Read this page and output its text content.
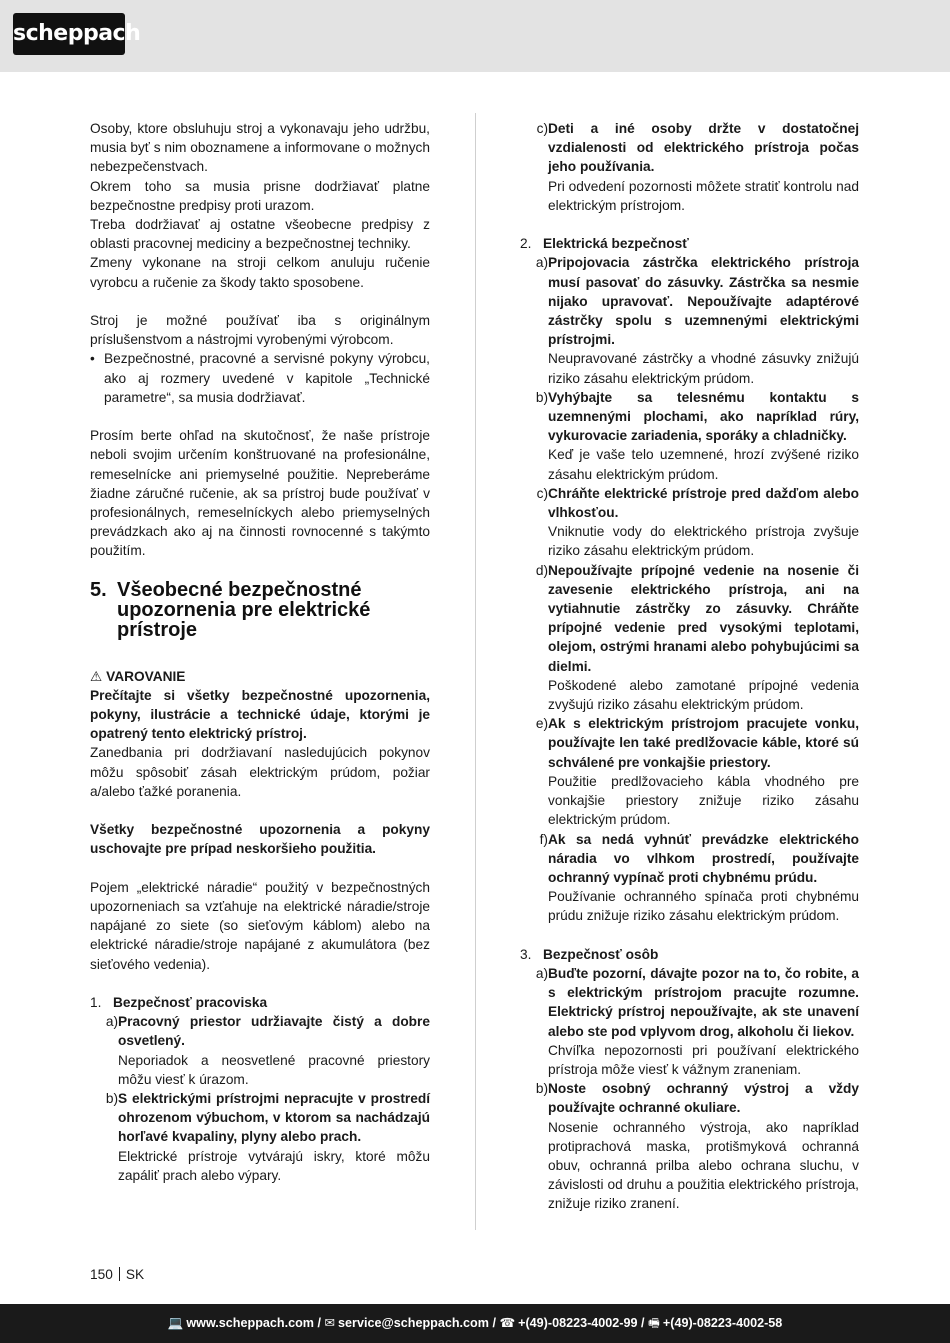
scheppach

Osoby, ktore obsluhuju stroj a vykonavaju jeho udržbu, musia byť s nim oboznamene a informovane o možnych nebezpečenstvach.

Okrem toho sa musia prisne dodržiavať platne bezpečnostne predpisy proti urazom.

Treba dodržiavať aj ostatne všeobecne predpisy z oblasti pracovnej mediciny a bezpečnostnej techniky.

Zmeny vykonane na stroji celkom anuluju ručenie vyrobcu a ručenie za škody takto sposobene.

Stroj je možné používať iba s originálnym príslušenstvom a nástrojmi vyrobenými výrobcom.

• Bezpečnostné, pracovné a servisné pokyny výrobcu, ako aj rozmery uvedené v kapitole „Technické parametre“, sa musia dodržiavať.

Prosím berte ohľad na skutočnosť, že naše prístroje neboli svojim určením konštruované na profesionálne, remeselnícke ani priemyselné použitie. Nepreberáme žiadne záručné ručenie, ak sa prístroj bude používať v profesionálnych, remeselníckych alebo priemyselných prevádzkach ako aj na činnosti rovnocenné s takýmto použitím.

5. Všeobecné bezpečnostné upozornenia pre elektrické prístroje
⚠ VAROVANIE

Prečítajte si všetky bezpečnostné upozornenia, pokyny, ilustrácie a technické údaje, ktorými je opatrený tento elektrický prístroj.

Zanedbania pri dodržiavaní nasledujúcich pokynov môžu spôsobiť zásah elektrickým prúdom, požiar a/alebo ťažké poranenia.

Všetky bezpečnostné upozornenia a pokyny uschovajte pre prípad neskoršieho použitia.

Pojem „elektrické náradie“ použitý v bezpečnostných upozorneniach sa vzťahuje na elektrické náradie/stroje napájané zo siete (so sieťovým káblom) alebo na elektrické náradie/stroje napájané z akumulátora (bez sieťového vedenia).

1. Bezpečnosť pracoviska
a) Pracovný priestor udržiavajte čistý a dobre osvetlený.
Neporiadok a neosvetlené pracovné priestory môžu viesť k úrazom.
b) S elektrickými prístrojmi nepracujte v prostredí ohrozenom výbuchom, v ktorom sa nachádzajú horľavé kvapaliny, plyny alebo prach.
Elektrické prístroje vytvárajú iskry, ktoré môžu zapáliť prach alebo výpary.
c) Deti a iné osoby držte v dostatočnej vzdialenosti od elektrického prístroja počas jeho používania.
Pri odvedení pozornosti môžete stratiť kontrolu nad elektrickým prístrojom.
2. Elektrická bezpečnosť
a) Pripojovacia zástrčka elektrického prístroja musí pasovať do zásuvky. Zástrčka sa nesmie nijako upravovať. Nepoužívajte adaptérové zástrčky spolu s uzemnenými elektrickými prístrojmi.
Neupravované zástrčky a vhodné zásuvky znižujú riziko zásahu elektrickým prúdom.
b) Vyhýbajte sa telesnému kontaktu s uzemnenými plochami, ako napríklad rúry, vykurovacie zariadenia, sporáky a chladničky.
Keď je vaše telo uzemnené, hrozí zvýšené riziko zásahu elektrickým prúdom.
c) Chráňte elektrické prístroje pred dažďom alebo vlhkosťou.
Vniknutie vody do elektrického prístroja zvyšuje riziko zásahu elektrickým prúdom.
d) Nepoužívajte prípojné vedenie na nosenie či zavesenie elektrického prístroja, ani na vytiahnutie zástrčky zo zásuvky. Chráňte prípojné vedenie pred vysokými teplotami, olejom, ostrými hranami alebo pohybujúcimi sa dielmi.
Poškodené alebo zamotané prípojné vedenia zvyšujú riziko zásahu elektrickým prúdom.
e) Ak s elektrickým prístrojom pracujete vonku, používajte len také predlžovacie káble, ktoré sú schválené pre vonkajšie priestory.
Použitie predlžovacieho kábla vhodného pre vonkajšie priestory znižuje riziko zásahu elektrickým prúdom.
f) Ak sa nedá vyhnúť prevádzke elektrického náradia vo vlhkom prostredí, používajte ochranný vypínač proti chybnému prúdu.
Používanie ochranného spínača proti chybnému prúdu znižuje riziko zásahu elektrickým prúdom.
3. Bezpečnosť osôb
a) Buďte pozorní, dávajte pozor na to, čo robite, a s elektrickým prístrojom pracujte rozumne. Elektrický prístroj nepoužívajte, ak ste unavení alebo ste pod vplyvom drog, alkoholu či liekov.
Chvíľka nepozornosti pri používaní elektrického prístroja môže viesť k vážnym zraneniam.
b) Noste osobný ochranný výstroj a vždy používajte ochranné okuliare.
Nosenie ochranného výstroja, ako napríklad protiprachová maska, protišmyková ochranná obuv, ochranná prilba alebo ochrana sluchu, v závislosti od druhu a použitia elektrického prístroja, znižuje riziko zranení.
150 SK
💻 www.scheppach.com / ✉ service@scheppach.com / ☎ +(49)-08223-4002-99 / 🖷 +(49)-08223-4002-58
